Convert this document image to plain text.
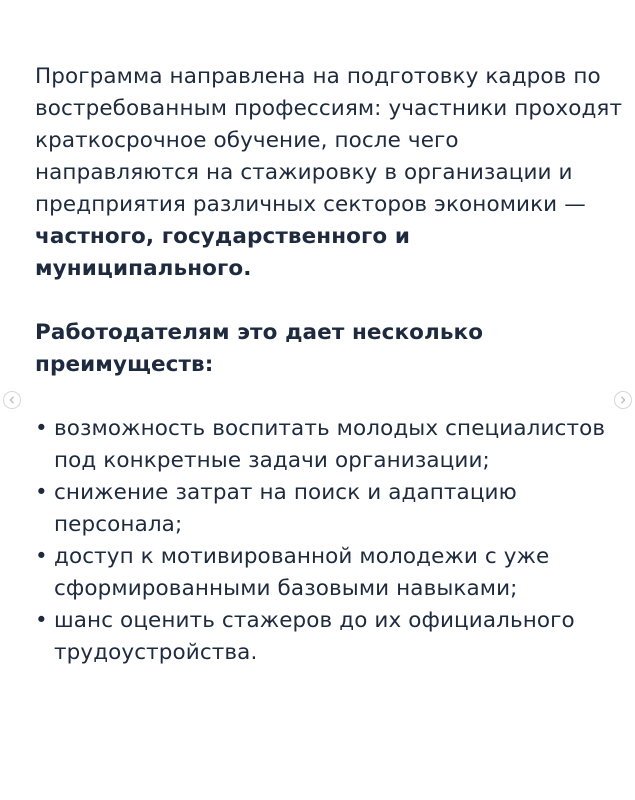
Программа направлена на подготовку кадров по востребованным профессиям: участники проходят краткосрочное обучение, после чего направляются на стажировку в организации и предприятия различных секторов экономики — частного, государственного и муниципального.

Работодателям это дает несколько преимуществ:

• возможность воспитать молодых специалистов под конкретные задачи организации;
• снижение затрат на поиск и адаптацию персонала;
• доступ к мотивированной молодежи с уже сформированными базовыми навыками;
• шанс оценить стажеров до их официального трудоустройства.
